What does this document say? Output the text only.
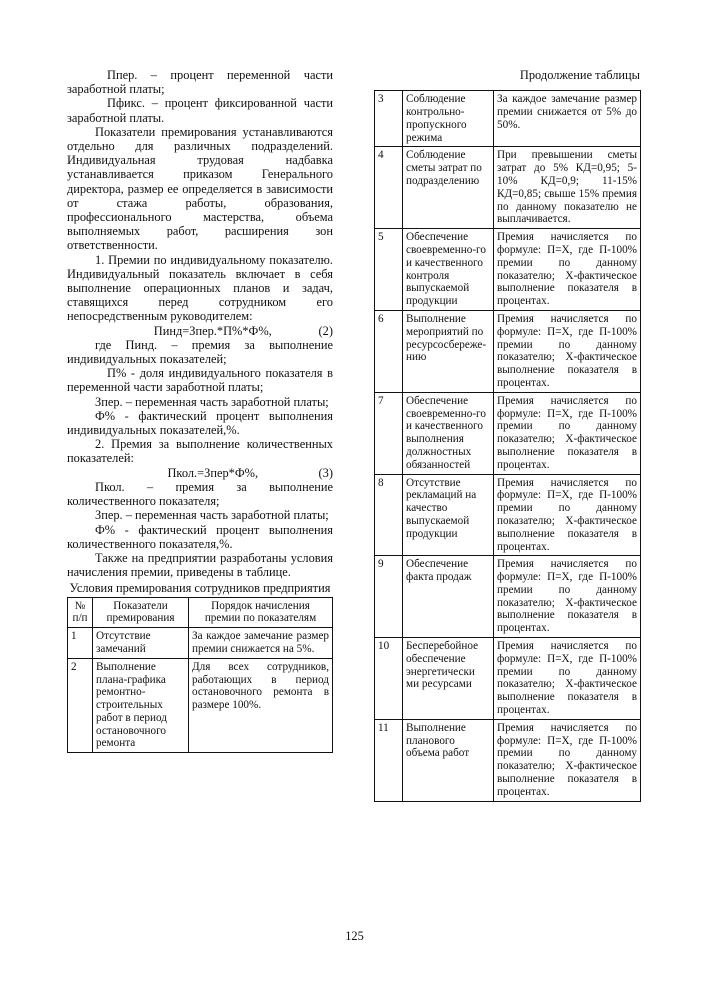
Ппер. – процент переменной части заработной платы;

Пфикс. – процент фиксированной части заработной платы.

Показатели премирования устанавливаются отдельно для различных подразделений. Индивидуальная трудовая надбавка устанавливается приказом Генерального директора, размер ее определяется в зависимости от стажа работы, образования, профессионального мастерства, объема выполняемых работ, расширения зон ответственности.

1. Премии по индивидуальному показателю. Индивидуальный показатель включает в себя выполнение операционных планов и задач, ставящихся перед сотрудником его непосредственным руководителем:

Пинд=Зпер.*П%*Ф%,	(2)

где Пинд. – премия за выполнение индивидуальных показателей;

П% - доля индивидуального показателя в переменной части заработной платы;

Зпер. – переменная часть заработной платы;

Ф% - фактический процент выполнения индивидуальных показателей,%.

2. Премия за выполнение количественных показателей:

Пкол.=Зпер*Ф%,	(3)

Пкол. – премия за выполнение количественного показателя;

Зпер. – переменная часть заработной платы;

Ф% - фактический процент выполнения количественного показателя,%.

Также на предприятии разработаны условия начисления премии, приведены в таблице.

Условия премирования сотрудников предприятия

№ п/п	Показатели премирования	Порядок начисления премии по показателям
1	Отсутствие замечаний	За каждое замечание размер премии снижается на 5%.
2	Выполнение плана-графика ремонтно-строительных работ в период остановочного ремонта	Для всех сотрудников, работающих в период остановочного ремонта в размере 100%.

Продолжение таблицы

3	Соблюдение контрольно-пропускного режима	За каждое замечание размер премии снижается от 5% до 50%.
4	Соблюдение сметы затрат по подразделению	При превышении сметы затрат до 5% КД=0,95; 5-10% КД=0,9; 11-15% КД=0,85; свыше 15% премия по данному показателю не выплачивается.
5	Обеспечение своевременно-го и качественного контроля выпускаемой продукции	Премия начисляется по формуле: П=Х, где П-100% премии по данному показателю; Х-фактическое выполнение показателя в процентах.
6	Выполнение мероприятий по ресурсосбереже-нию	Премия начисляется по формуле: П=Х, где П-100% премии по данному показателю; Х-фактическое выполнение показателя в процентах.
7	Обеспечение своевременно-го и качественного выполнения должностных обязанностей	Премия начисляется по формуле: П=Х, где П-100% премии по данному показателю; Х-фактическое выполнение показателя в процентах.
8	Отсутствие рекламаций на качество выпускаемой продукции	Премия начисляется по формуле: П=Х, где П-100% премии по данному показателю; Х-фактическое выполнение показателя в процентах.
9	Обеспечение факта продаж	Премия начисляется по формуле: П=Х, где П-100% премии по данному показателю; Х-фактическое выполнение показателя в процентах.
10	Бесперебойное обеспечение энергетически ми ресурсами	Премия начисляется по формуле: П=Х, где П-100% премии по данному показателю; Х-фактическое выполнение показателя в процентах.
11	Выполнение планового объема работ	Премия начисляется по формуле: П=Х, где П-100% премии по данному показателю; Х-фактическое выполнение показателя в процентах.
125
